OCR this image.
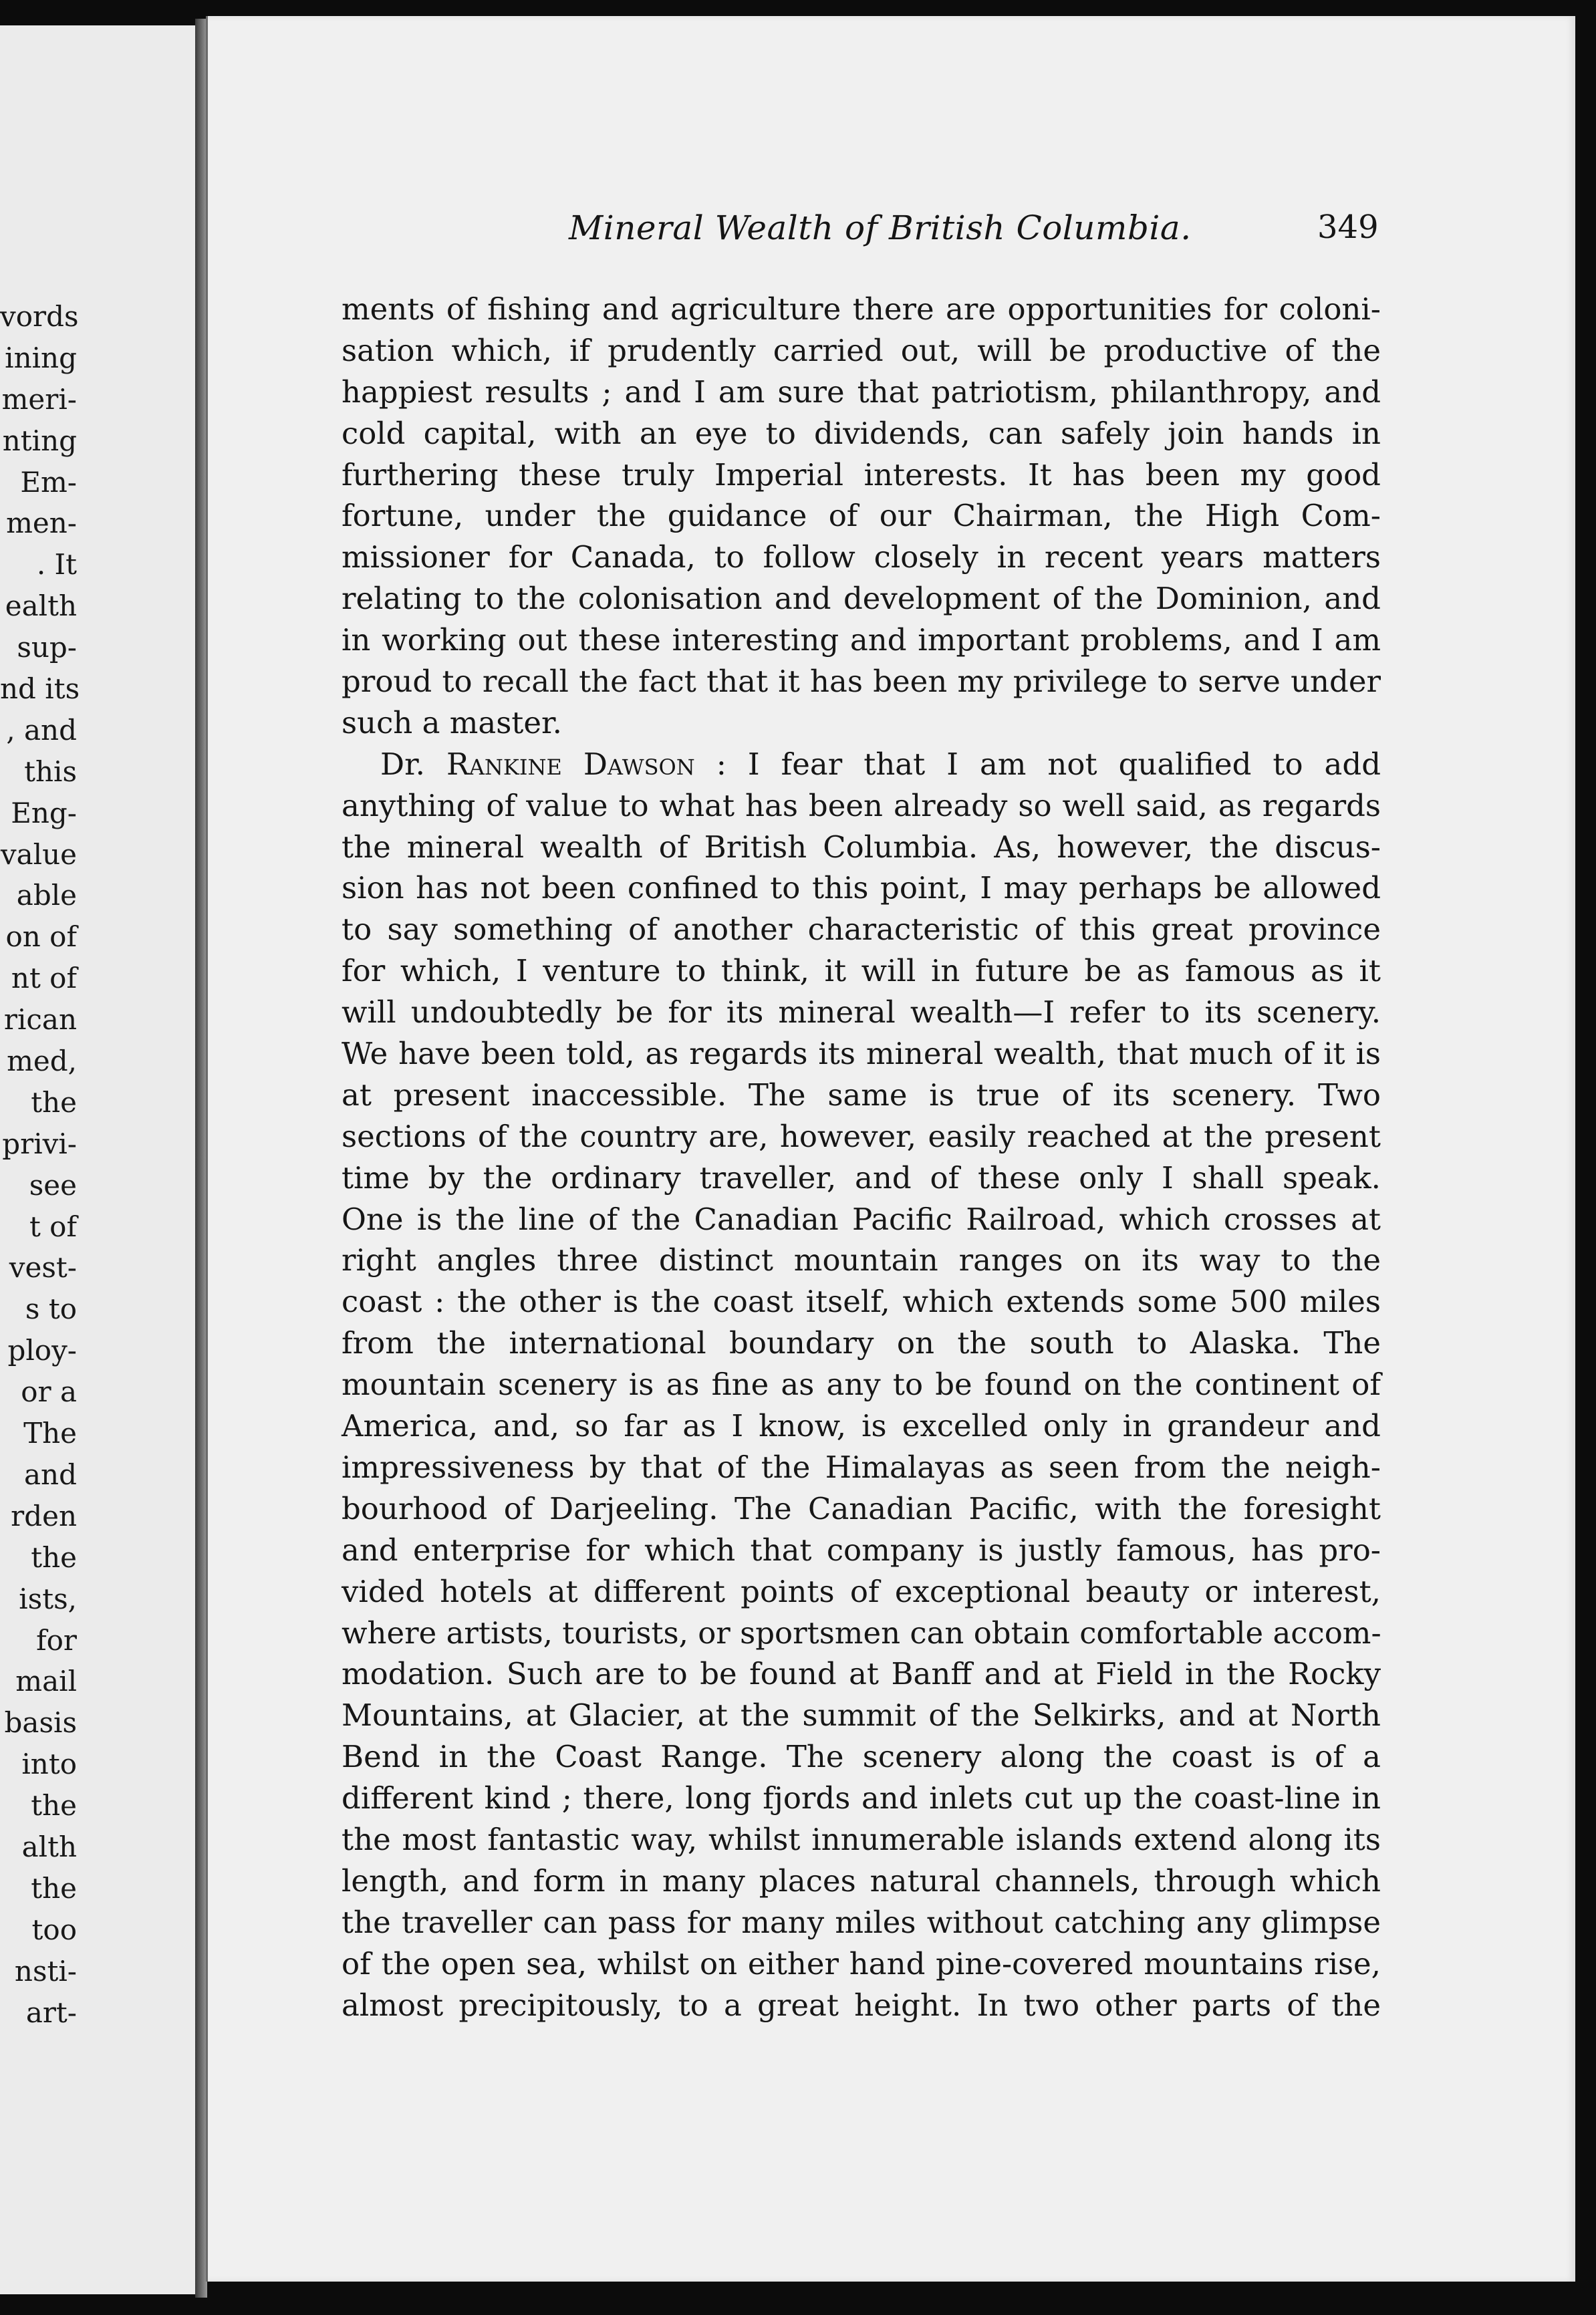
vords
ining
meri-
nting
Em-
men-
. It
ealth
sup-
nd its
, and
this
Eng-
value
able
on of
nt of
rican
med,
the
privi-
see
t of
vest-
s to
ploy-
or a
The
and
rden
the
ists,
for
mail
basis
into
the
alth
the
too
nsti-
art-
Mineral Wealth of British Columbia.	349
ments of fishing and agriculture there are opportunities for coloni-
sation which, if prudently carried out, will be productive of the
happiest results ; and I am sure that patriotism, philanthropy, and
cold capital, with an eye to dividends, can safely join hands in
furthering these truly Imperial interests. It has been my good
fortune, under the guidance of our Chairman, the High Com-
missioner for Canada, to follow closely in recent years matters
relating to the colonisation and development of the Dominion, and
in working out these interesting and important problems, and I am
proud to recall the fact that it has been my privilege to serve under
such a master.
Dr. Rankine Dawson : I fear that I am not qualified to add
anything of value to what has been already so well said, as regards
the mineral wealth of British Columbia. As, however, the discus-
sion has not been confined to this point, I may perhaps be allowed
to say something of another characteristic of this great province
for which, I venture to think, it will in future be as famous as it
will undoubtedly be for its mineral wealth—I refer to its scenery.
We have been told, as regards its mineral wealth, that much of it is
at present inaccessible. The same is true of its scenery. Two
sections of the country are, however, easily reached at the present
time by the ordinary traveller, and of these only I shall speak.
One is the line of the Canadian Pacific Railroad, which crosses at
right angles three distinct mountain ranges on its way to the
coast : the other is the coast itself, which extends some 500 miles
from the international boundary on the south to Alaska. The
mountain scenery is as fine as any to be found on the continent of
America, and, so far as I know, is excelled only in grandeur and
impressiveness by that of the Himalayas as seen from the neigh-
bourhood of Darjeeling. The Canadian Pacific, with the foresight
and enterprise for which that company is justly famous, has pro-
vided hotels at different points of exceptional beauty or interest,
where artists, tourists, or sportsmen can obtain comfortable accom-
modation. Such are to be found at Banff and at Field in the Rocky
Mountains, at Glacier, at the summit of the Selkirks, and at North
Bend in the Coast Range. The scenery along the coast is of a
different kind ; there, long fjords and inlets cut up the coast-line in
the most fantastic way, whilst innumerable islands extend along its
length, and form in many places natural channels, through which
the traveller can pass for many miles without catching any glimpse
of the open sea, whilst on either hand pine-covered mountains rise,
almost precipitously, to a great height. In two other parts of the
